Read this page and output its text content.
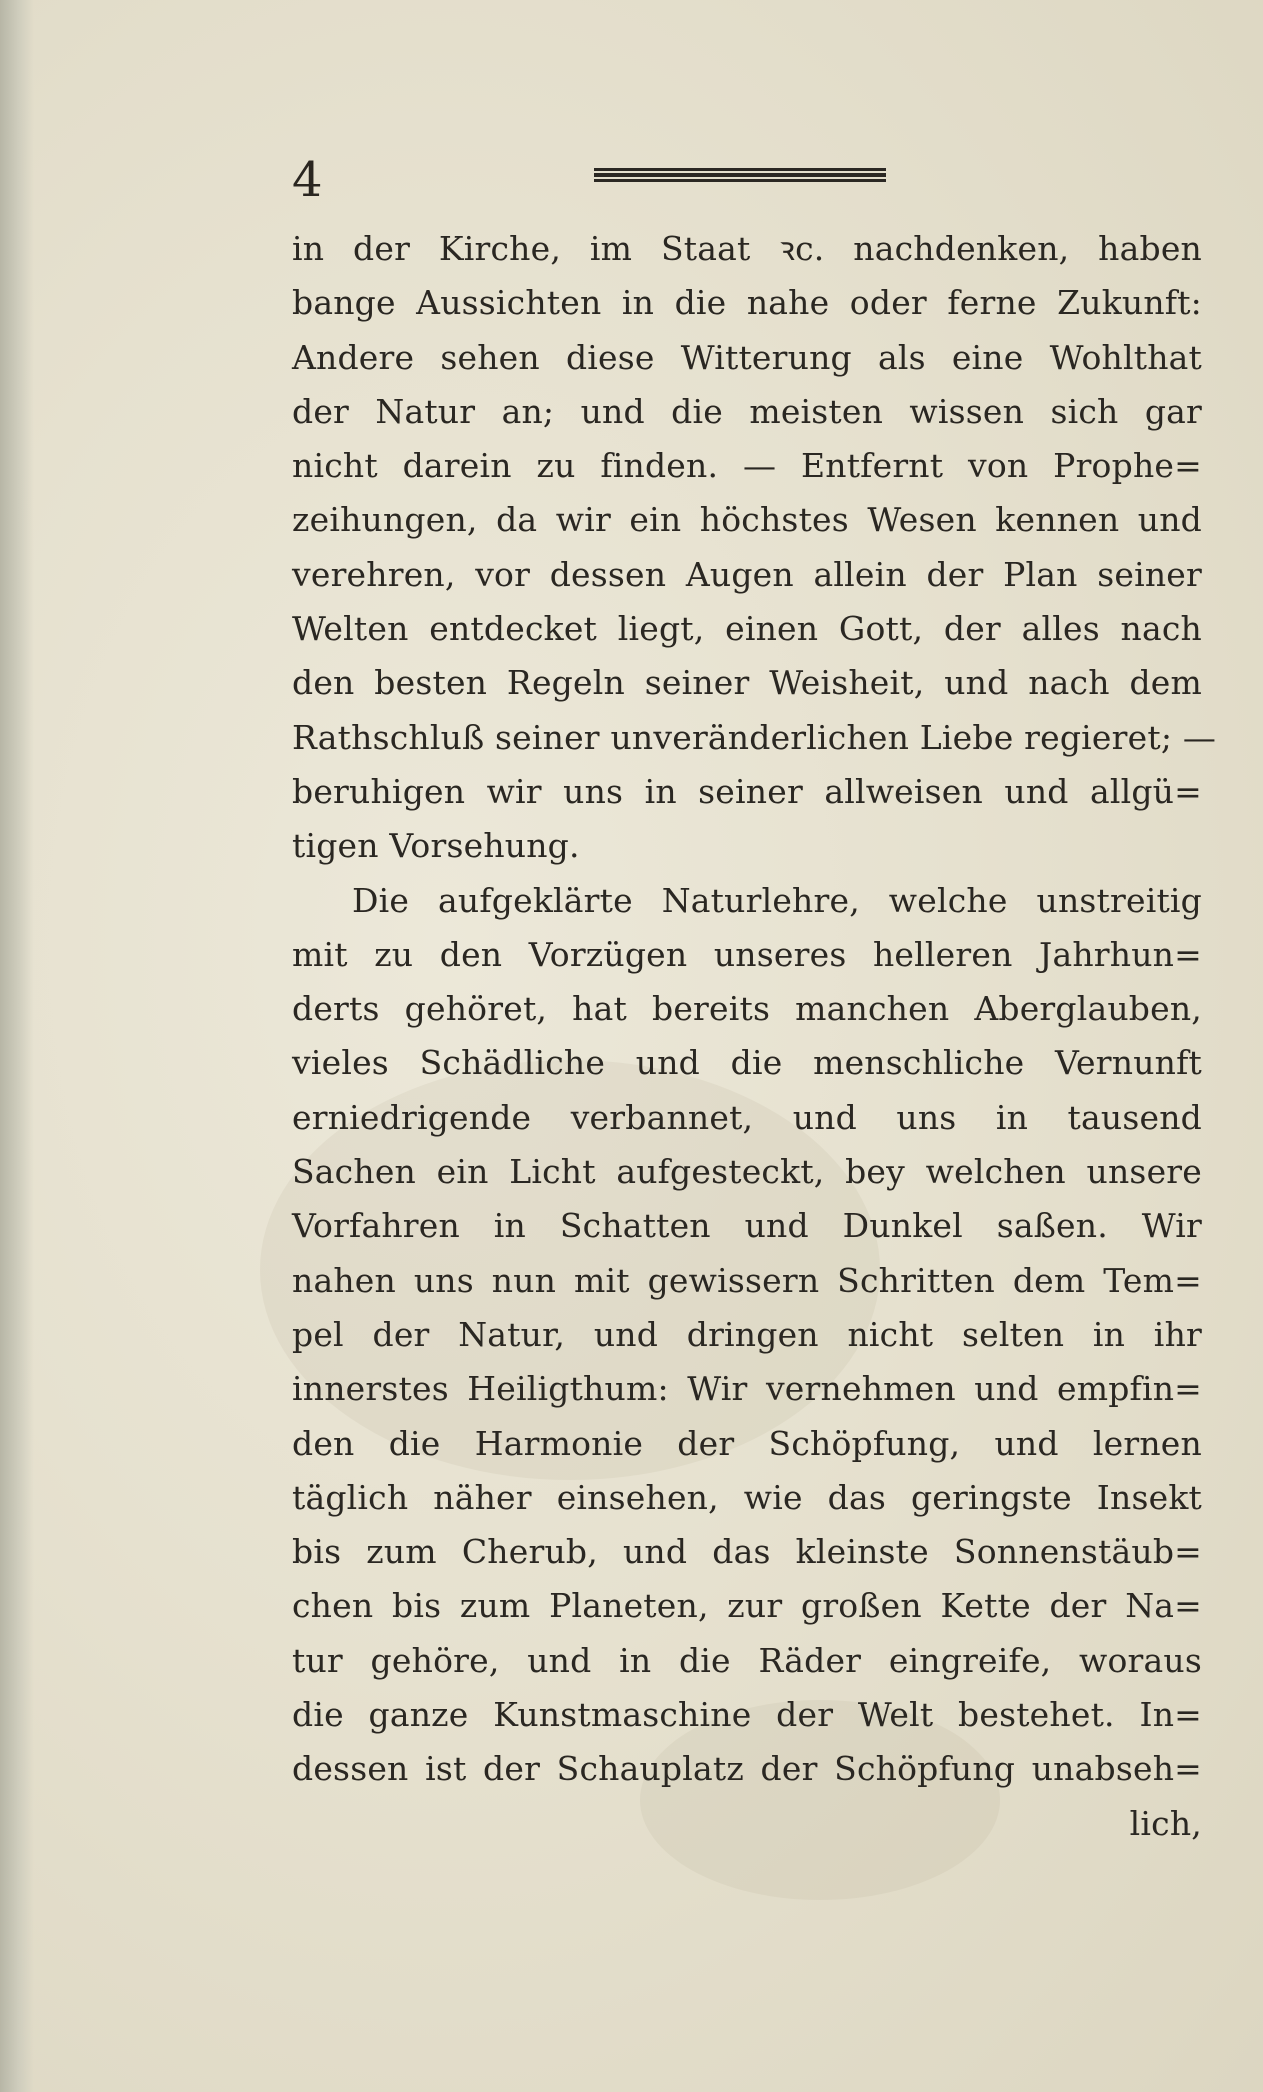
4
in der Kirche, im Staat ꝛc. nachdenken, haben
bange Aussichten in die nahe oder ferne Zukunft:
Andere sehen diese Witterung als eine Wohlthat
der Natur an; und die meisten wissen sich gar
nicht darein zu finden. — Entfernt von Prophe=
zeihungen, da wir ein höchstes Wesen kennen und
verehren, vor dessen Augen allein der Plan seiner
Welten entdecket liegt, einen Gott, der alles nach
den besten Regeln seiner Weisheit, und nach dem
Rathschluß seiner unveränderlichen Liebe regieret; —
beruhigen wir uns in seiner allweisen und allgü=
tigen Vorsehung.
Die aufgeklärte Naturlehre, welche unstreitig
mit zu den Vorzügen unseres helleren Jahrhun=
derts gehöret, hat bereits manchen Aberglauben,
vieles Schädliche und die menschliche Vernunft
erniedrigende verbannet, und uns in tausend
Sachen ein Licht aufgesteckt, bey welchen unsere
Vorfahren in Schatten und Dunkel saßen. Wir
nahen uns nun mit gewissern Schritten dem Tem=
pel der Natur, und dringen nicht selten in ihr
innerstes Heiligthum: Wir vernehmen und empfin=
den die Harmonie der Schöpfung, und lernen
täglich näher einsehen, wie das geringste Insekt
bis zum Cherub, und das kleinste Sonnenstäub=
chen bis zum Planeten, zur großen Kette der Na=
tur gehöre, und in die Räder eingreife, woraus
die ganze Kunstmaschine der Welt bestehet. In=
dessen ist der Schauplatz der Schöpfung unabseh=
lich,
